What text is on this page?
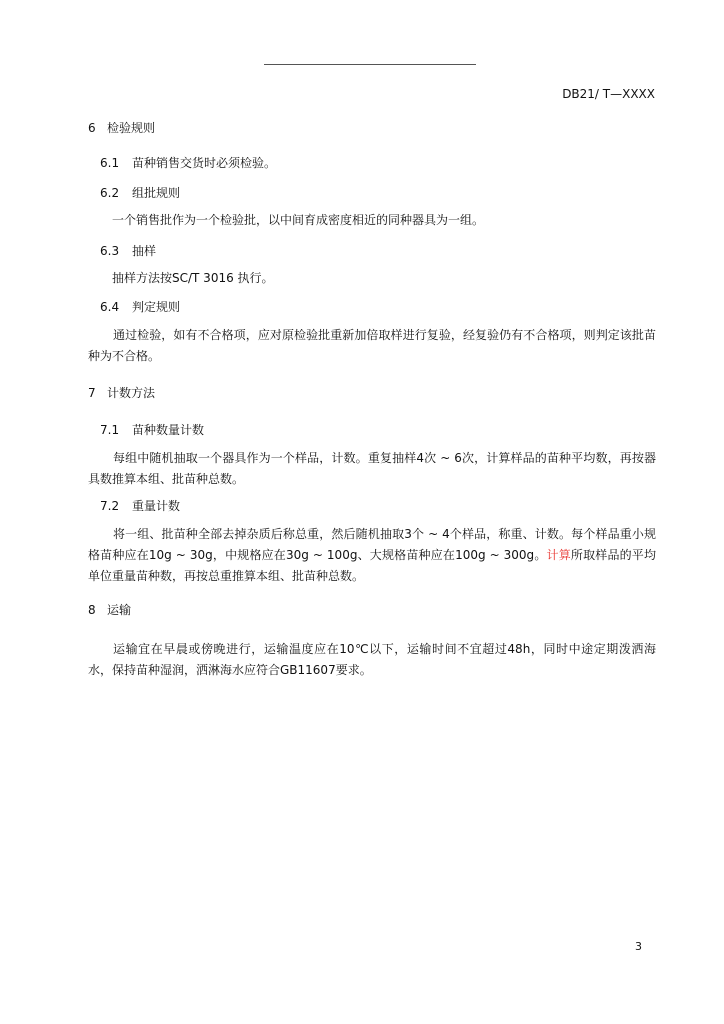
DB21/ T—XXXX
6 检验规则
6.1 苗种销售交货时必须检验。
6.2 组批规则
一个销售批作为一个检验批，以中间育成密度相近的同种器具为一组。
6.3 抽样
抽样方法按SC/T 3016 执行。
6.4 判定规则
通过检验，如有不合格项，应对原检验批重新加倍取样进行复验，经复验仍有不合格项，则判定该批苗种为不合格。
7 计数方法
7.1 苗种数量计数
每组中随机抽取一个器具作为一个样品，计数。重复抽样4次 ~ 6次，计算样品的苗种平均数，再按器具数推算本组、批苗种总数。
7.2 重量计数
将一组、批苗种全部去掉杂质后称总重，然后随机抽取3个 ~ 4个样品，称重、计数。每个样品重小规格苗种应在10g ~ 30g，中规格应在30g ~ 100g、大规格苗种应在100g ~ 300g。计算所取样品的平均单位重量苗种数，再按总重推算本组、批苗种总数。
8 运输
运输宜在早晨或傍晚进行，运输温度应在10℃以下，运输时间不宜超过48h，同时中途定期泼洒海水，保持苗种湿润，洒淋海水应符合GB11607要求。
3
